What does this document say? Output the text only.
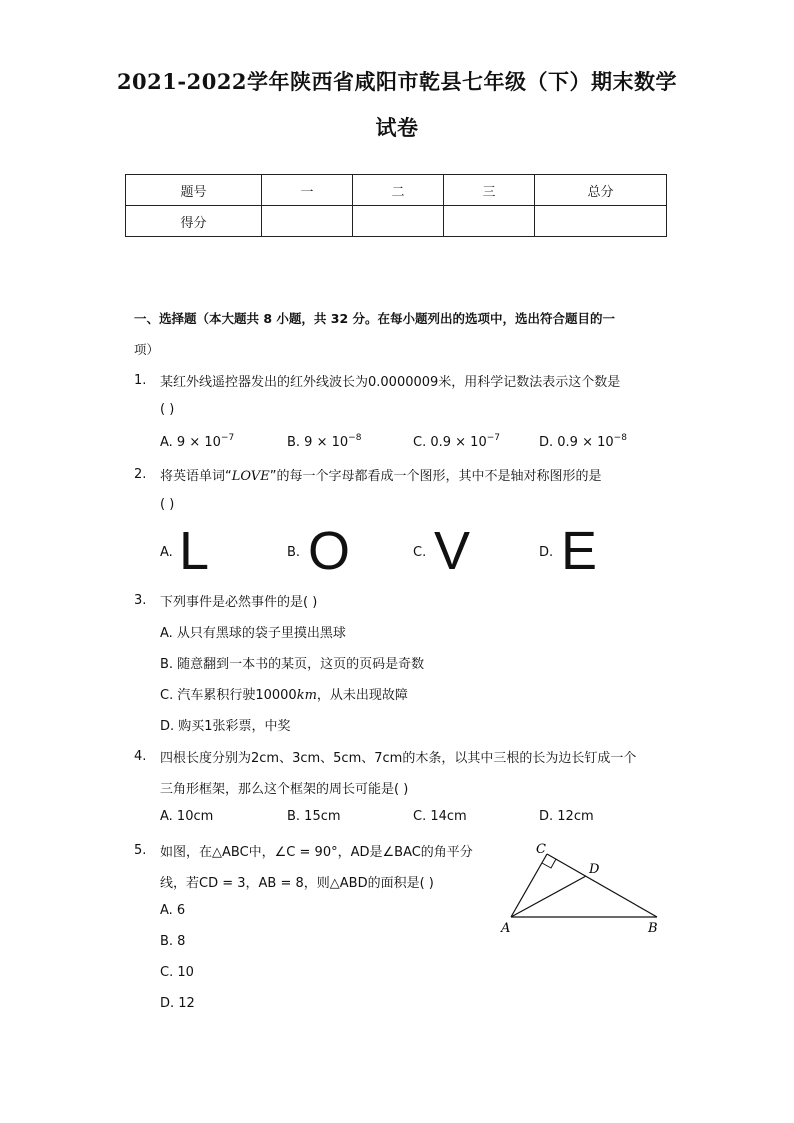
2021-2022学年陕西省咸阳市乾县七年级（下）期末数学
试卷
题号	一	二	三	总分
得分				
一、选择题（本大题共 8 小题，共 32 分。在每小题列出的选项中，选出符合题目的一
项）
1. 某红外线遥控器发出的红外线波长为0.0000009米，用科学记数法表示这个数是
( )
A. $9 \times 10^{-7}$	B. $9 \times 10^{-8}$	C. $0.9 \times 10^{-7}$	D. $0.9 \times 10^{-8}$
2. 将英语单词“LOVE”的每一个字母都看成一个图形，其中不是轴对称图形的是
( )
A. L	B. O	C. V	D. E
3. 下列事件是必然事件的是( )
A. 从只有黑球的袋子里摸出黑球
B. 随意翻到一本书的某页，这页的页码是奇数
C. 汽车累积行驶10000km，从未出现故障
D. 购买1张彩票，中奖
4. 四根长度分别为2cm、3cm、5cm、7cm的木条，以其中三根的长为边长钉成一个
三角形框架，那么这个框架的周长可能是( )
A. 10cm	B. 15cm	C. 14cm	D. 12cm
5. 如图，在△ABC中，∠C = 90°，AD是∠BAC的角平分
线，若CD = 3，AB = 8，则△ABD的面积是( )
A. 6
B. 8
C. 10
D. 12
C
D
A	B
